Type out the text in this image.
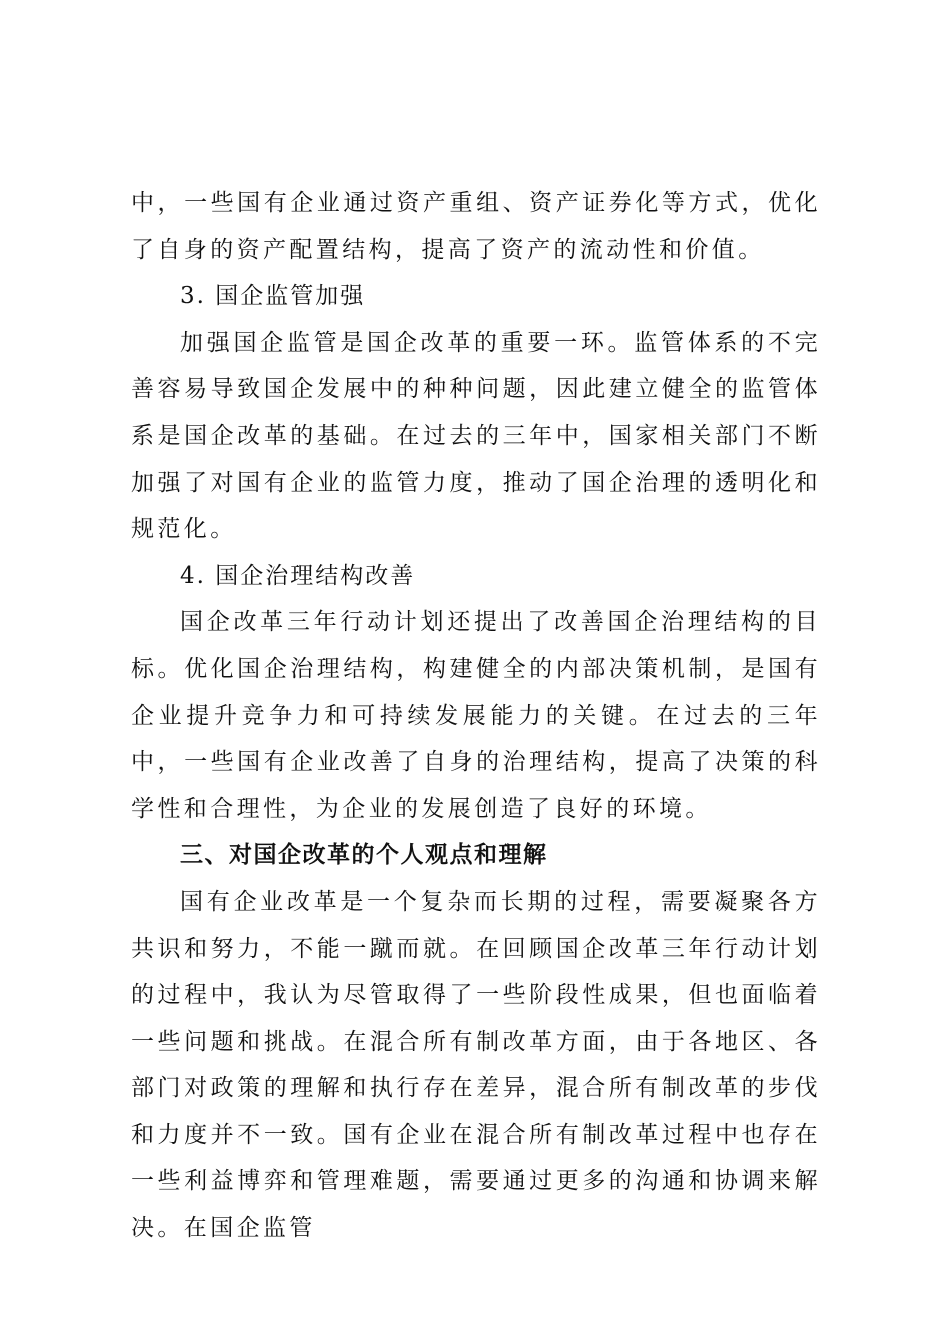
中，一些国有企业通过资产重组、资产证券化等方式，优化了自身的资产配置结构，提高了资产的流动性和价值。

3. 国企监管加强

加强国企监管是国企改革的重要一环。监管体系的不完善容易导致国企发展中的种种问题，因此建立健全的监管体系是国企改革的基础。在过去的三年中，国家相关部门不断加强了对国有企业的监管力度，推动了国企治理的透明化和规范化。

4. 国企治理结构改善

国企改革三年行动计划还提出了改善国企治理结构的目标。优化国企治理结构，构建健全的内部决策机制，是国有企业提升竞争力和可持续发展能力的关键。在过去的三年中，一些国有企业改善了自身的治理结构，提高了决策的科学性和合理性，为企业的发展创造了良好的环境。

三、对国企改革的个人观点和理解

国有企业改革是一个复杂而长期的过程，需要凝聚各方共识和努力，不能一蹴而就。在回顾国企改革三年行动计划的过程中，我认为尽管取得了一些阶段性成果，但也面临着一些问题和挑战。在混合所有制改革方面，由于各地区、各部门对政策的理解和执行存在差异，混合所有制改革的步伐和力度并不一致。国有企业在混合所有制改革过程中也存在一些利益博弈和管理难题，需要通过更多的沟通和协调来解决。在国企监管
